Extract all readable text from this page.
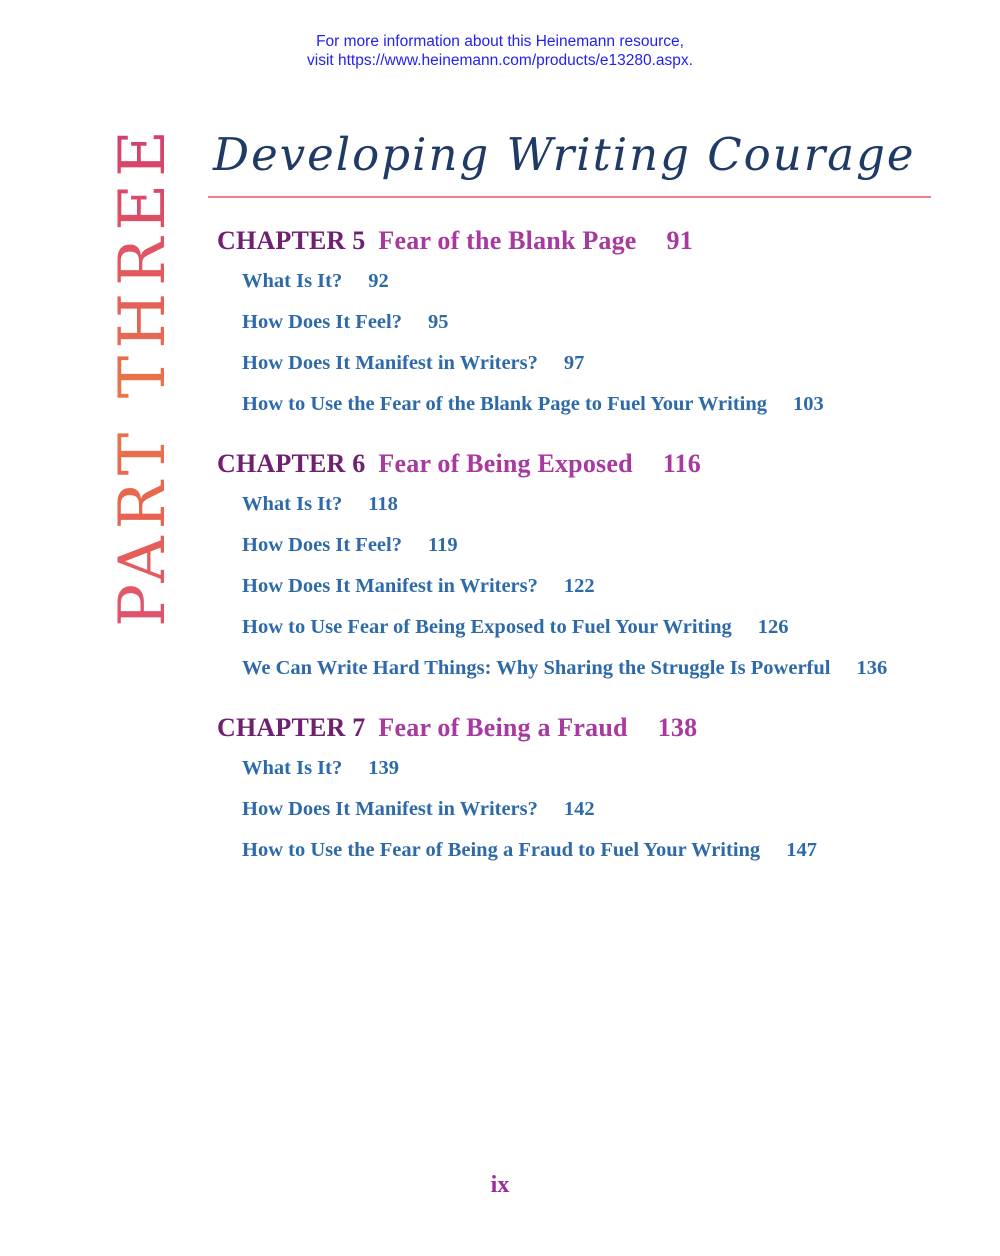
For more information about this Heinemann resource,
visit https://www.heinemann.com/products/e13280.aspx.
PART THREE Developing Writing Courage
CHAPTER 5 Fear of the Blank Page 91
What Is It? 92
How Does It Feel? 95
How Does It Manifest in Writers? 97
How to Use the Fear of the Blank Page to Fuel Your Writing 103
CHAPTER 6 Fear of Being Exposed 116
What Is It? 118
How Does It Feel? 119
How Does It Manifest in Writers? 122
How to Use Fear of Being Exposed to Fuel Your Writing 126
We Can Write Hard Things: Why Sharing the Struggle Is Powerful 136
CHAPTER 7 Fear of Being a Fraud 138
What Is It? 139
How Does It Manifest in Writers? 142
How to Use the Fear of Being a Fraud to Fuel Your Writing 147
ix
